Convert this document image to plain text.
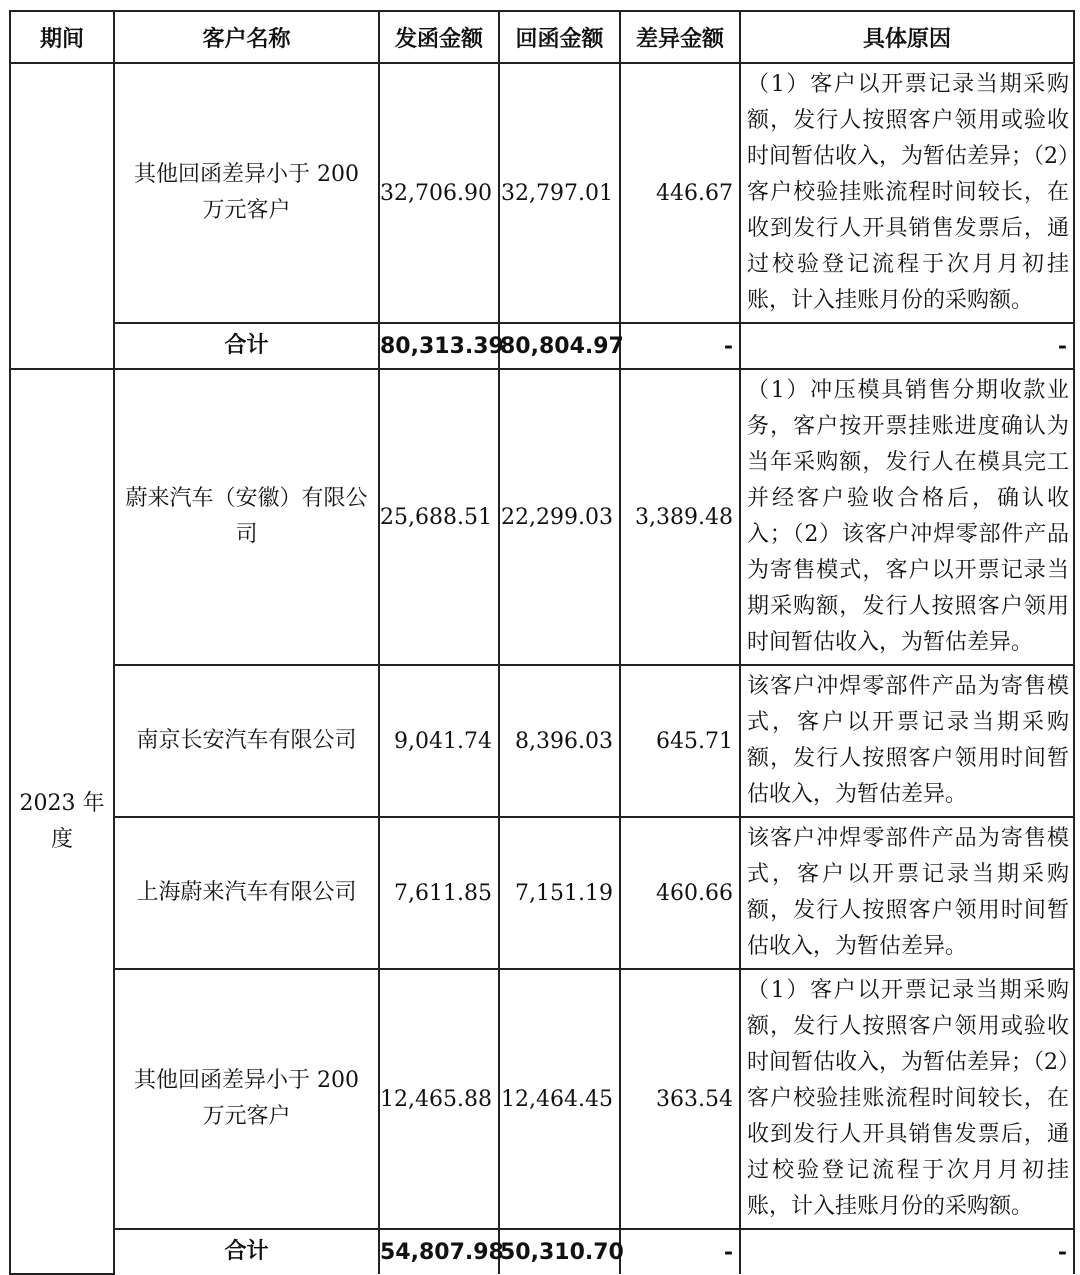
期间	客户名称	发函金额	回函金额	差异金额	具体原因
	其他回函差异小于 200 万元客户	32,706.90	32,797.01	446.67	（1）客户以开票记录当期采购额，发行人按照客户领用或验收时间暂估收入，为暂估差异；（2）客户校验挂账流程时间较长，在收到发行人开具销售发票后，通过校验登记流程于次月月初挂账，计入挂账月份的采购额。
	合计	80,313.39	80,804.97	-	-
2023 年度	蔚来汽车（安徽）有限公司	25,688.51	22,299.03	3,389.48	（1）冲压模具销售分期收款业务，客户按开票挂账进度确认为当年采购额，发行人在模具完工并经客户验收合格后，确认收入；（2）该客户冲焊零部件产品为寄售模式，客户以开票记录当期采购额，发行人按照客户领用时间暂估收入，为暂估差异。
	南京长安汽车有限公司	9,041.74	8,396.03	645.71	该客户冲焊零部件产品为寄售模式，客户以开票记录当期采购额，发行人按照客户领用时间暂估收入，为暂估差异。
	上海蔚来汽车有限公司	7,611.85	7,151.19	460.66	该客户冲焊零部件产品为寄售模式，客户以开票记录当期采购额，发行人按照客户领用时间暂估收入，为暂估差异。
	其他回函差异小于 200 万元客户	12,465.88	12,464.45	363.54	（1）客户以开票记录当期采购额，发行人按照客户领用或验收时间暂估收入，为暂估差异；（2）客户校验挂账流程时间较长，在收到发行人开具销售发票后，通过校验登记流程于次月月初挂账，计入挂账月份的采购额。
	合计	54,807.98	50,310.70	-	-
